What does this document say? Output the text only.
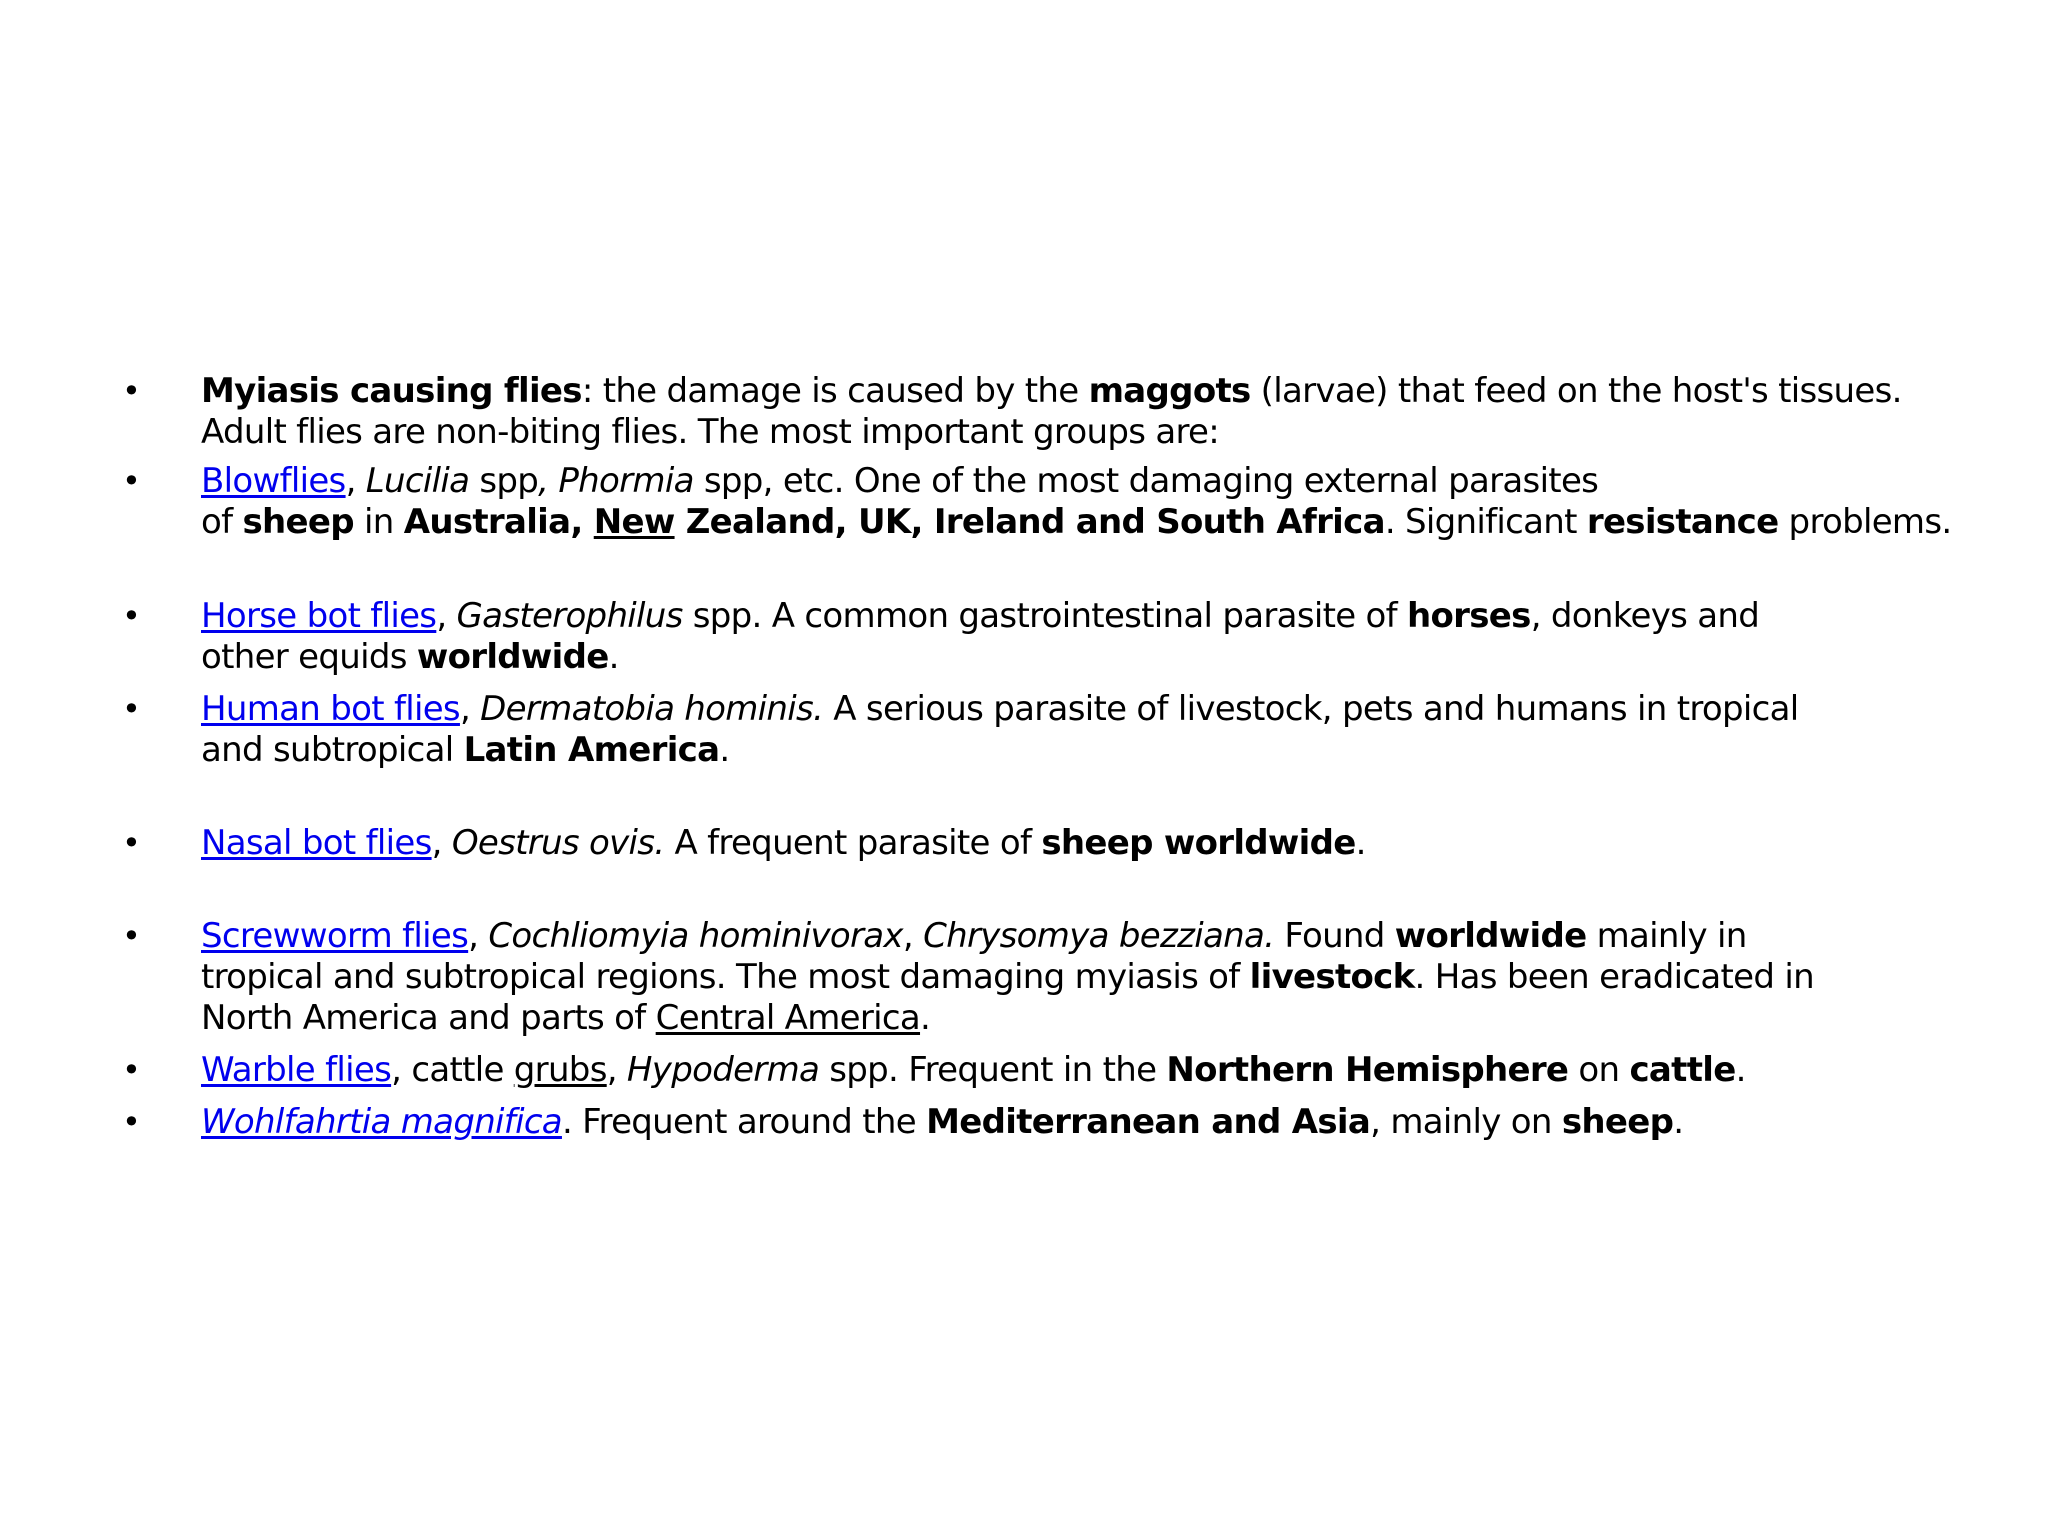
• Myiasis causing flies: the damage is caused by the maggots (larvae) that feed on the host's tissues.
Adult flies are non-biting flies. The most important groups are:
• Blowflies, Lucilia spp, Phormia spp, etc. One of the most damaging external parasites
of sheep in Australia, New Zealand, UK, Ireland and South Africa. Significant resistance problems.
• Horse bot flies, Gasterophilus spp. A common gastrointestinal parasite of horses, donkeys and
other equids worldwide.
• Human bot flies, Dermatobia hominis. A serious parasite of livestock, pets and humans in tropical
and subtropical Latin America.
• Nasal bot flies, Oestrus ovis. A frequent parasite of sheep worldwide.
• Screwworm flies, Cochliomyia hominivorax, Chrysomya bezziana. Found worldwide mainly in
tropical and subtropical regions. The most damaging myiasis of livestock. Has been eradicated in
North America and parts of Central America.
• Warble flies, cattle grubs, Hypoderma spp. Frequent in the Northern Hemisphere on cattle.
• Wohlfahrtia magnifica. Frequent around the Mediterranean and Asia, mainly on sheep.
